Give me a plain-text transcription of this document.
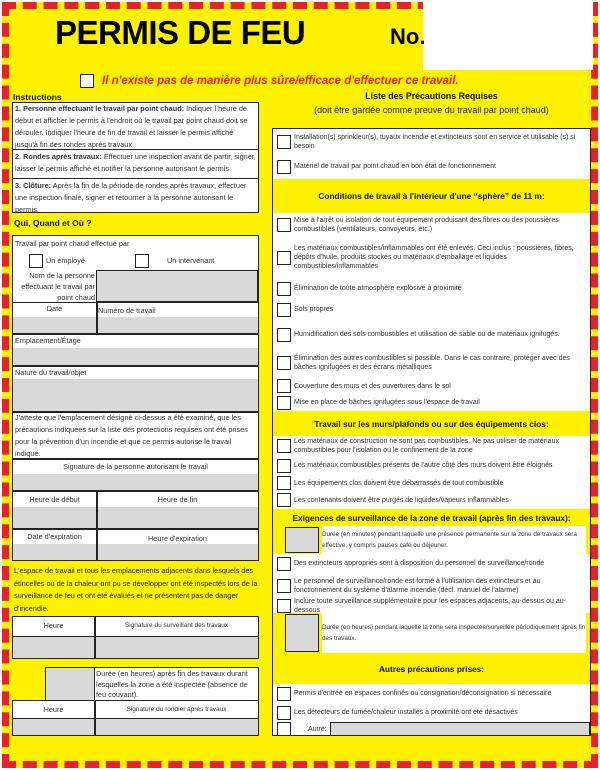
PERMIS DE FEU	No.
Il n'existe pas de manière plus sûre/efficace d'effectuer ce travail.
Instructions
1. Personne effectuant le travail par point chaud: Indiquer l heure de début et afficher le permis à l'endroit où le travail par point chaud doit se dérouler. Indiquer l'heure de fin de travail et laisser le permis affiché jusqu'à fin des rondes après travaux
2. Rondes après travaux: Effectuer une inspection avant de partir, signer, laisser le permis affiché et notifier la personne autorisant le permis.
3. Clôture: Après la fin de la période de rondes après travaux, effectuer une inspection finale, signer et retourner à la personne autorisant le permis.
Qui, Quand et Où ?
Travail par point chaud effectué par
Un employé	Un intervenant
Nom de la personne effectuant le travail par point chaud
Date	Numéro de travail
Emplacement/Étage
Nature du travail/objet
J'atteste que l'emplacement désigné ci-dessus a été examiné, que les précautions indiquées sur la liste des protections requises ont été prises pour la prévention d'un incendie et que ce permis autorise le travail indiqué.
Signature de la personne autorisant le travail
Heure de début	Heure de fin
Date d'expiration	Heure d'expiration
L'espace de travail et tous les emplacements adjacents dans lesquels des étincelles ou de la chaleur ont pu se développer ont été inspectés lors de la surveillance de feu et ont été évalués et ne présentent pas de danger d'incendie.
Heure	Signature du surveillant des travaux
Durée (en heures) après fin des travaux durant lesquelles la zone a été inspectée (absence de feu couvant).
Heure	Signature du rondier après travaux
Liste des Précautions Requises
(doit être gardée comme preuve du travail par point chaud)
Installation(s) sprinkleur(s), tuyaux incendie et extincteurs sont en service et utilisable (s) si besoin
Matériel de travail par point chaud en bon état de fonctionnement
Conditions de travail à l'intérieur d'une “sphère” de 11 m:
Mise à l'arrêt ou isolation de tout équipement produisant des fibres ou des poussières combustibles (ventilateurs, convoyeurs, etc.)
Les matériaux combustibles/inflammables ont été enlevés. Ceci inclus : poussières, fibres, dépôts d'huile, produits stockés ou matériaux d'emballage et liquides combustibles/inflammables
Élimination de toute atmosphère explosive à proximité
Sols propres
Humidification des sols combustibles et utilisation de sable ou de matériaux ignifugés.
Élimination des autres combustibles si possible. Dans le cas contraire, protéger avec des bâches ignifugées et des écrans métalliques
Couverture des murs et des ouvertures dans le sol
Mise en place de bâches ignifugées sous l'espace de travail
Travail sur les murs/plafonds ou sur des équipements clos:
Les matériaux de construction ne sont pas combustibles. Ne pas utiliser de matériaux combustibles pour l'isolation ou le confinement de la zone
Les matériaux combustibles présents de l'autre côté des murs doivent être éloignés
Les équipements clos doivent être débarrassés de tout combustible
Les contenants doivent être purgés de liquides/vapeurs inflammables
Exigences de surveillance de la zone de travail (après fin des travaux):
Durée (en minutes) pendant laquelle une présence permanente sur la zone de travaux sera effective, y compris pauses café ou déjeuner.
Des extincteurs appropriés sont à disposition du personnel de surveillance/ronde
Le personnel de surveillance/ronde est formé à l'utilisation des extincteurs et au fonctionnement du système d'alarme incendie (décl. manuel de l'alarme)
Inclure toute surveillance supplémentaire pour les espaces adjacents, au-dessus ou au-dessous
Durée (en heures) pendant laquelle la zone sera inspectée/surveillée périodiquement après fin des travaux.
Autres précautions prises:
Permis d'entrée en espaces confinés ou consignation/déconsignation si nécessaire
Les détecteurs de fumée/chaleur installés à proximité ont été désactivés
Autre:
